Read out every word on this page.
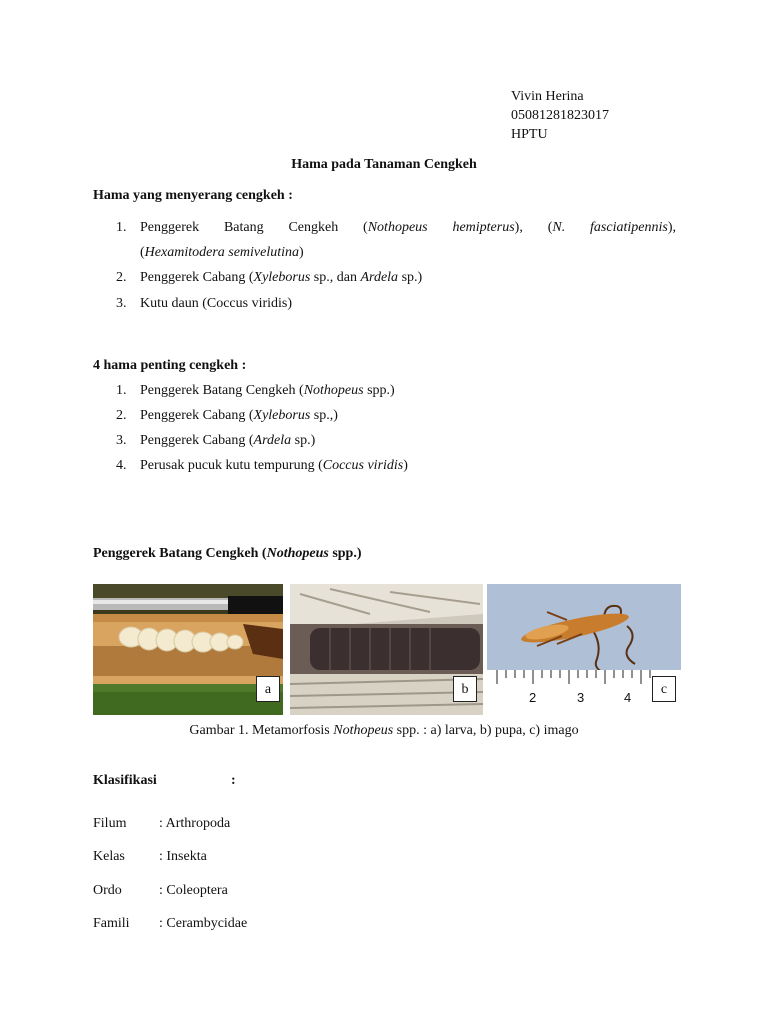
Vivin Herina
05081281823017
HPTU
Hama pada Tanaman Cengkeh
Hama yang menyerang cengkeh :
1. Penggerek Batang Cengkeh (Nothopeus hemipterus), (N. fasciatipennis),
(Hexamitodera semivelutina)
2. Penggerek Cabang (Xyleborus sp., dan Ardela sp.)
3. Kutu daun (Coccus viridis)
4 hama penting cengkeh :
1. Penggerek Batang Cengkeh (Nothopeus spp.)
2. Penggerek Cabang (Xyleborus sp.,)
3. Penggerek Cabang (Ardela sp.)
4. Perusak pucuk kutu tempurung (Coccus viridis)
Penggerek Batang Cengkeh (Nothopeus spp.)
a	b
2	3	4
c
Gambar 1. Metamorfosis Nothopeus spp. : a) larva, b) pupa, c) imago
Klasifikasi	:
Filum : Arthropoda
Kelas : Insekta
Ordo	: Coleoptera
Famili : Cerambycidae
